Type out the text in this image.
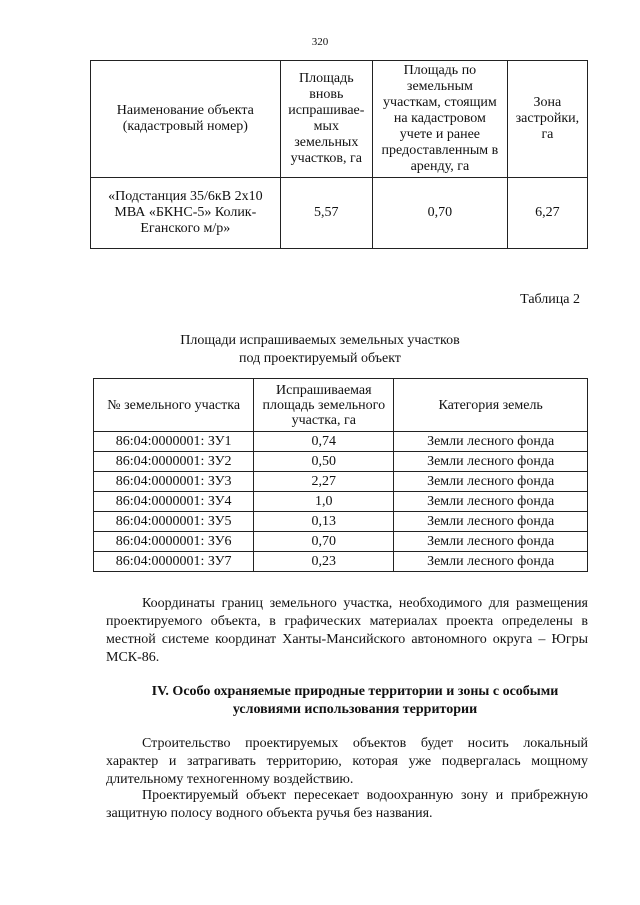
320
Наименование объекта (кадастровый номер)	Площадь вновь испрашивае-мых земельных участков, га	Площадь по земельным участкам, стоящим на кадастровом учете и ранее предоставленным в аренду, га	Зона застройки, га
«Подстанция 35/6кВ 2х10 МВА «БКНС-5» Колик-Еганского м/р»	5,57	0,70	6,27
Таблица 2
Площади испрашиваемых земельных участков
под проектируемый объект
№ земельного участка	Испрашиваемая площадь земельного участка, га	Категория земель
86:04:0000001: ЗУ1	0,74	Земли лесного фонда
86:04:0000001: ЗУ2	0,50	Земли лесного фонда
86:04:0000001: ЗУ3	2,27	Земли лесного фонда
86:04:0000001: ЗУ4	1,0	Земли лесного фонда
86:04:0000001: ЗУ5	0,13	Земли лесного фонда
86:04:0000001: ЗУ6	0,70	Земли лесного фонда
86:04:0000001: ЗУ7	0,23	Земли лесного фонда

Координаты границ земельного участка, необходимого для размещения проектируемого объекта, в графических материалах проекта определены в местной системе координат Ханты-Мансийского автономного округа – Югры МСК-86.

IV. Особо охраняемые природные территории и зоны с особыми условиями использования территории

Строительство проектируемых объектов будет носить локальный характер и затрагивать территорию, которая уже подвергалась мощному длительному техногенному воздействию.

Проектируемый объект пересекает водоохранную зону и прибрежную защитную полосу водного объекта ручья без названия.
